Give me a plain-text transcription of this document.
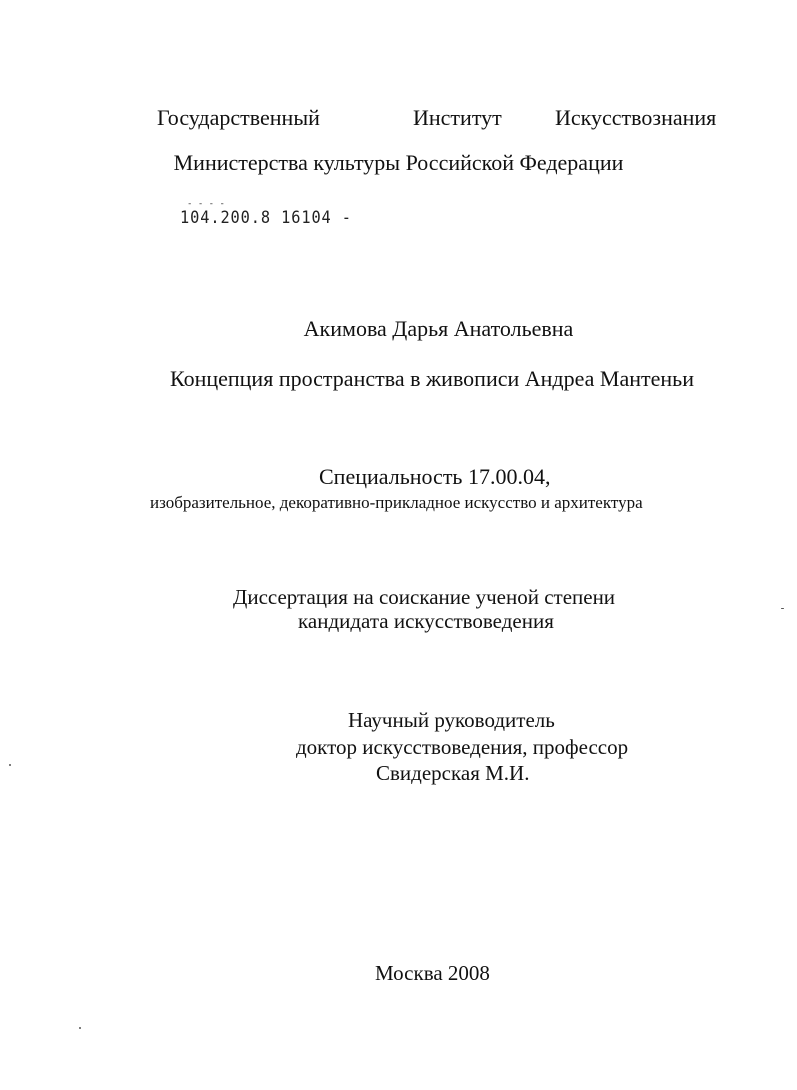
Государственный	Институт Искусствознания
Министерства культуры Российской Федерации
- - - -
104.200.8 16104 -
Акимова Дарья Анатольевна
Концепция пространства в живописи Андреа Мантеньи
Специальность 17.00.04,
изобразительное, декоративно-прикладное искусство и архитектура
Диссертация на соискание ученой степени
кандидата искусствоведения
Научный руководитель
доктор искусствоведения, профессор
Свидерская М.И.
Москва 2008
